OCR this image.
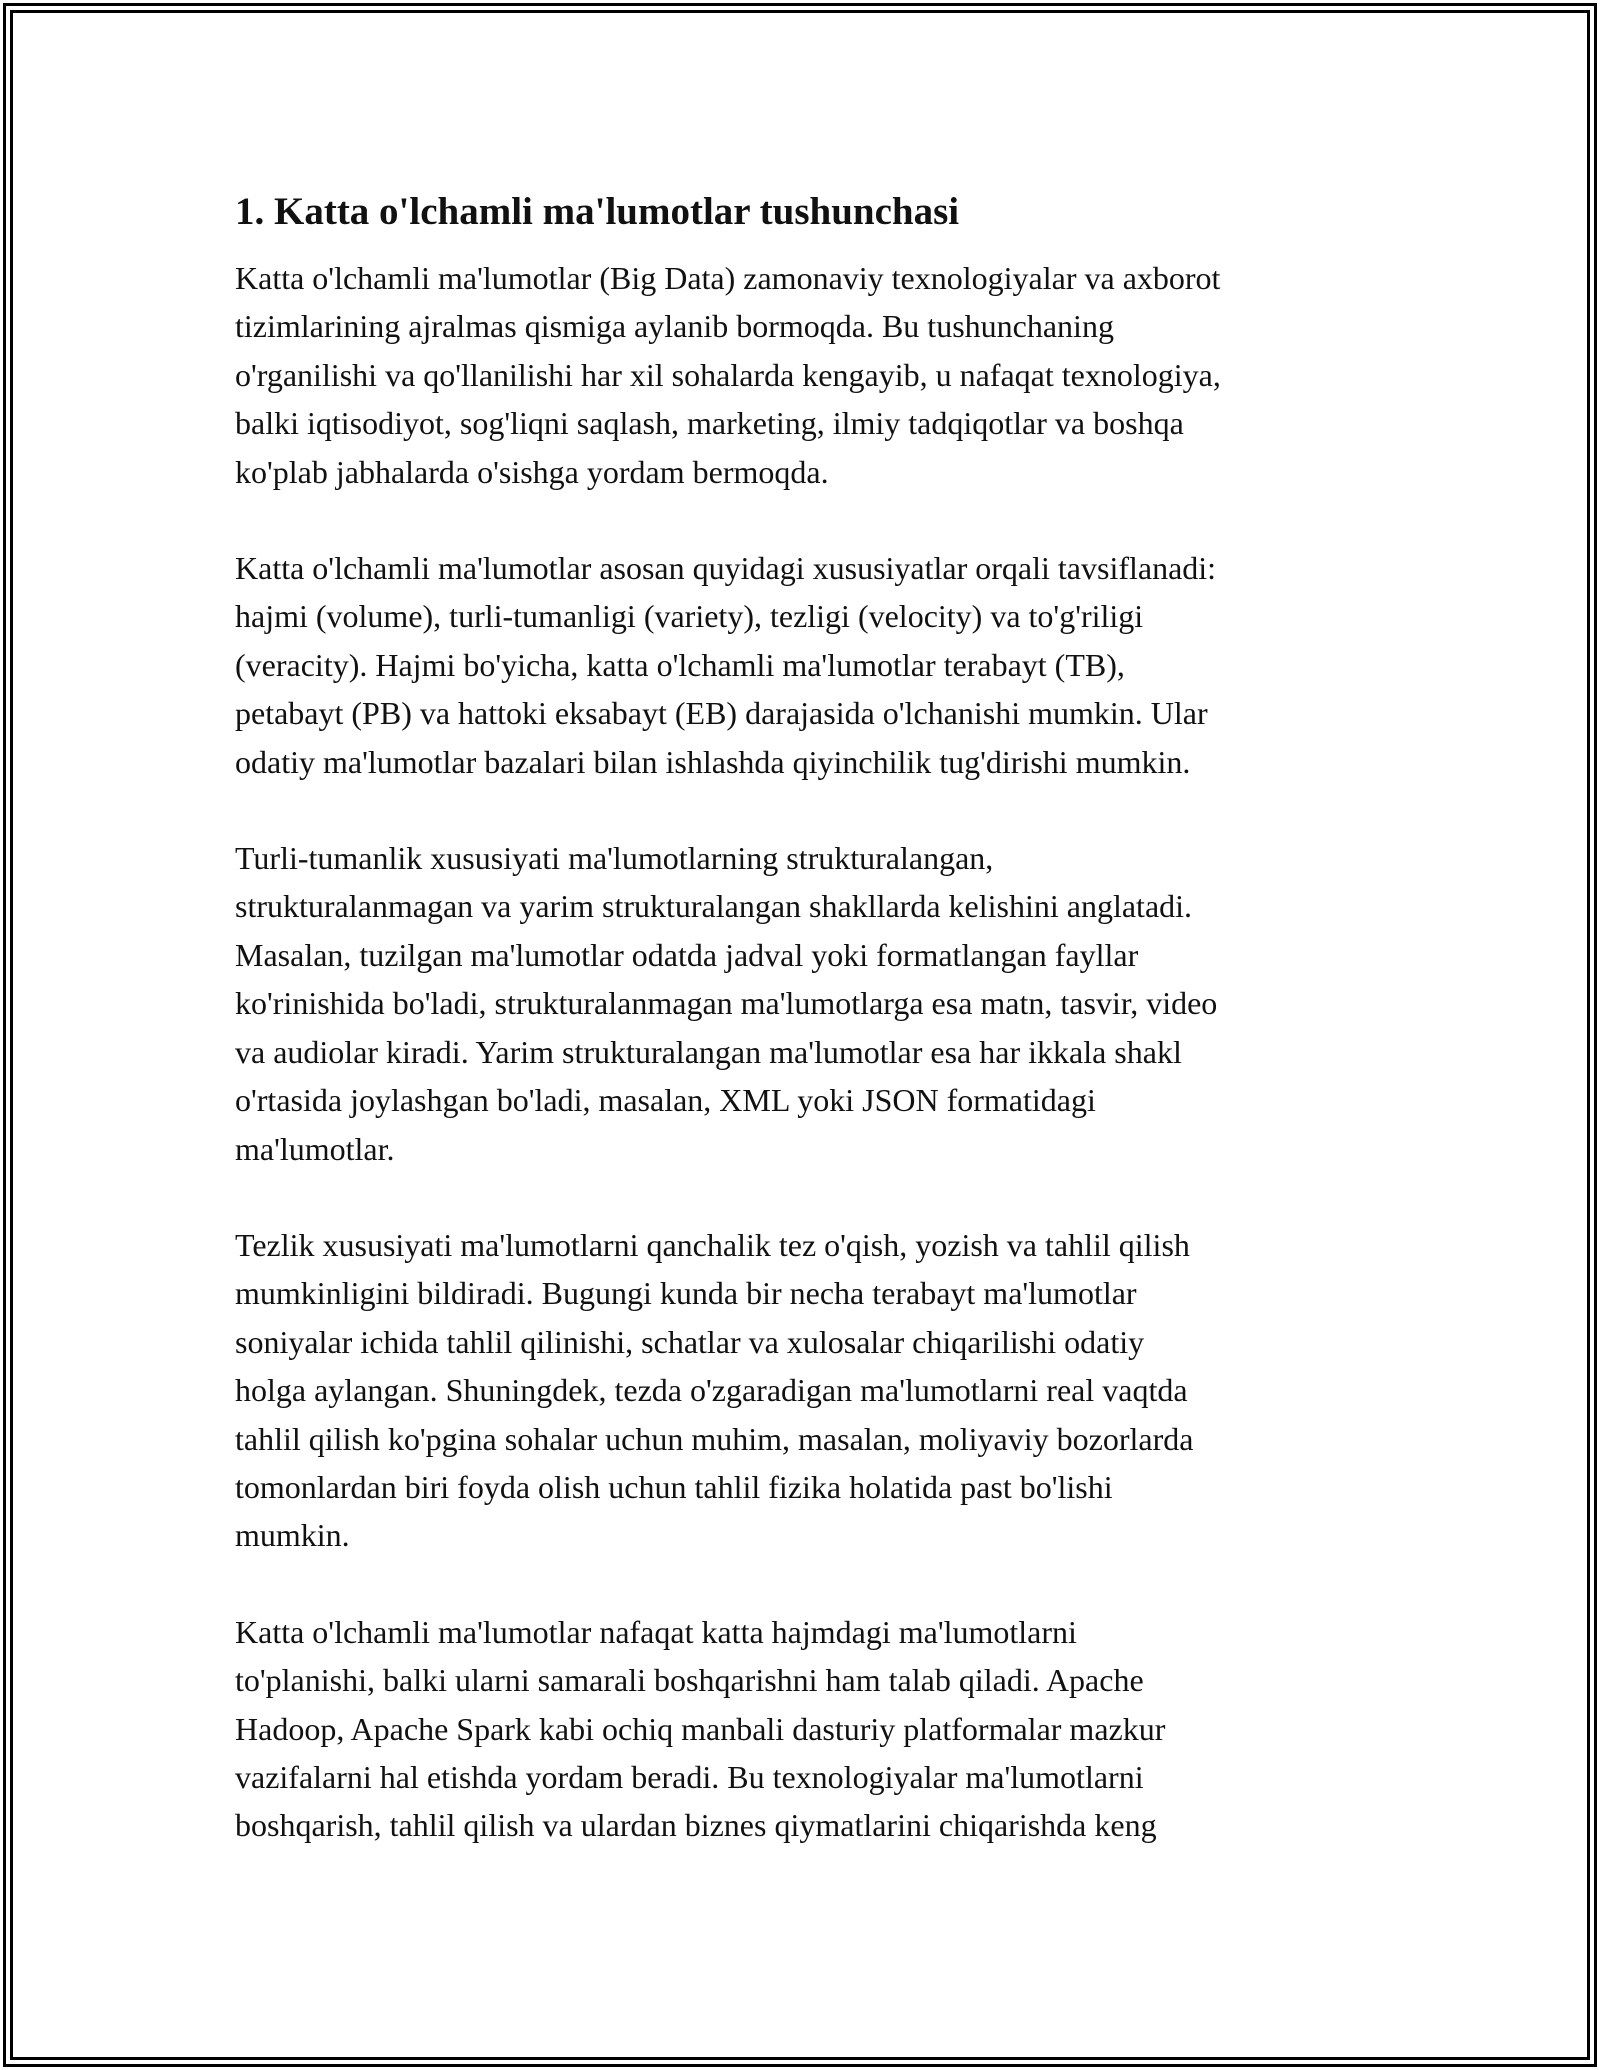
1. Katta o'lchamli ma'lumotlar tushunchasi

Katta o'lchamli ma'lumotlar (Big Data) zamonaviy texnologiyalar va axborot
tizimlarining ajralmas qismiga aylanib bormoqda. Bu tushunchaning
o'rganilishi va qo'llanilishi har xil sohalarda kengayib, u nafaqat texnologiya,
balki iqtisodiyot, sog'liqni saqlash, marketing, ilmiy tadqiqotlar va boshqa
ko'plab jabhalarda o'sishga yordam bermoqda.

Katta o'lchamli ma'lumotlar asosan quyidagi xususiyatlar orqali tavsiflanadi:
hajmi (volume), turli-tumanligi (variety), tezligi (velocity) va to'g'riligi
(veracity). Hajmi bo'yicha, katta o'lchamli ma'lumotlar terabayt (TB),
petabayt (PB) va hattoki eksabayt (EB) darajasida o'lchanishi mumkin. Ular
odatiy ma'lumotlar bazalari bilan ishlashda qiyinchilik tug'dirishi mumkin.

Turli-tumanlik xususiyati ma'lumotlarning strukturalangan,
strukturalanmagan va yarim strukturalangan shakllarda kelishini anglatadi.
Masalan, tuzilgan ma'lumotlar odatda jadval yoki formatlangan fayllar
ko'rinishida bo'ladi, strukturalanmagan ma'lumotlarga esa matn, tasvir, video
va audiolar kiradi. Yarim strukturalangan ma'lumotlar esa har ikkala shakl
o'rtasida joylashgan bo'ladi, masalan, XML yoki JSON formatidagi
ma'lumotlar.

Tezlik xususiyati ma'lumotlarni qanchalik tez o'qish, yozish va tahlil qilish
mumkinligini bildiradi. Bugungi kunda bir necha terabayt ma'lumotlar
soniyalar ichida tahlil qilinishi, schatlar va xulosalar chiqarilishi odatiy
holga aylangan. Shuningdek, tezda o'zgaradigan ma'lumotlarni real vaqtda
tahlil qilish ko'pgina sohalar uchun muhim, masalan, moliyaviy bozorlarda
tomonlardan biri foyda olish uchun tahlil fizika holatida past bo'lishi
mumkin.

Katta o'lchamli ma'lumotlar nafaqat katta hajmdagi ma'lumotlarni
to'planishi, balki ularni samarali boshqarishni ham talab qiladi. Apache
Hadoop, Apache Spark kabi ochiq manbali dasturiy platformalar mazkur
vazifalarni hal etishda yordam beradi. Bu texnologiyalar ma'lumotlarni
boshqarish, tahlil qilish va ulardan biznes qiymatlarini chiqarishda keng
